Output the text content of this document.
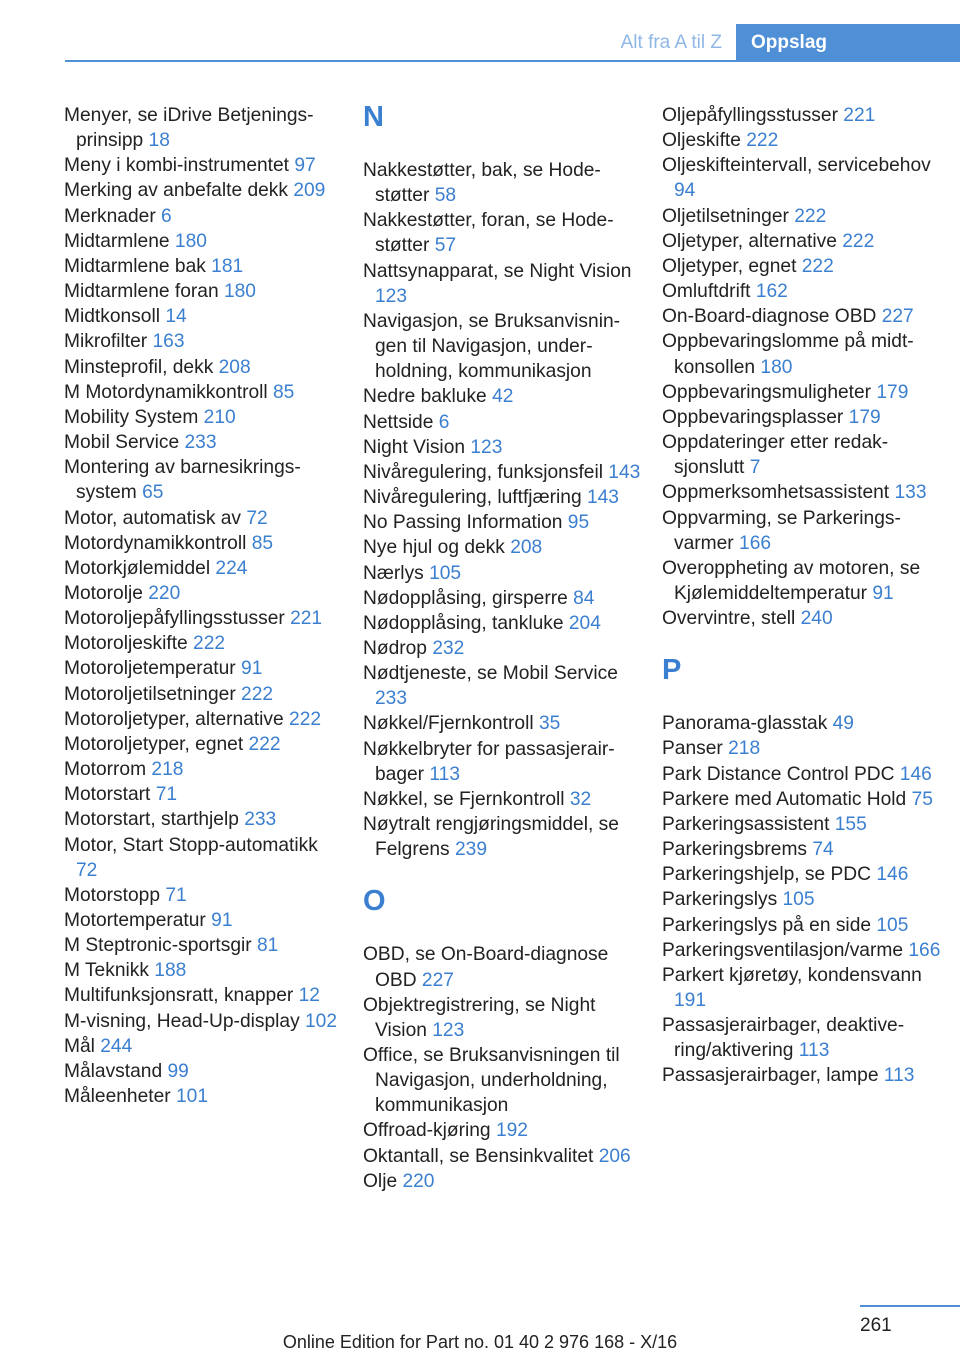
Alt fra A til Z	Oppslag
Menyer, se iDrive Betjeningsprinsipp 18
Meny i kombi-instrumentet 97
Merking av anbefalte dekk 209
Merknader 6
Midtarmlene 180
Midtarmlene bak 181
Midtarmlene foran 180
Midtkonsoll 14
Mikrofilter 163
Minsteprofil, dekk 208
M Motordynamikkontroll 85
Mobility System 210
Mobil Service 233
Montering av barnesikringssystem 65
Motor, automatisk av 72
Motordynamikkontroll 85
Motorkjølemiddel 224
Motorolje 220
Motoroljepåfyllingsstusser 221
Motoroljeskifte 222
Motoroljetemperatur 91
Motoroljetilsetninger 222
Motoroljetyper, alternative 222
Motoroljetyper, egnet 222
Motorrom 218
Motorstart 71
Motorstart, starthjelp 233
Motor, Start Stopp-automatikk 72
Motorstopp 71
Motortemperatur 91
M Steptronic-sportsgir 81
M Teknikk 188
Multifunksjonsratt, knapper 12
M-visning, Head-Up-display 102
Mål 244
Målavstand 99
Måleenheter 101
N
Nakkestøtter, bak, se Hodestøtter 58
Nakkestøtter, foran, se Hodestøtter 57
Nattsynapparat, se Night Vision 123
Navigasjon, se Bruksanvisningen til Navigasjon, underholdning, kommunikasjon
Nedre bakluke 42
Nettside 6
Night Vision 123
Nivåregulering, funksjonsfeil 143
Nivåregulering, luftfjæring 143
No Passing Information 95
Nye hjul og dekk 208
Nærlys 105
Nødopplåsing, girsperre 84
Nødopplåsing, tankluke 204
Nødrop 232
Nødtjeneste, se Mobil Service 233
Nøkkel/Fjernkontroll 35
Nøkkelbryter for passasjerairbager 113
Nøkkel, se Fjernkontroll 32
Nøytralt rengjøringsmiddel, se Felgrens 239
O
OBD, se On-Board-diagnose OBD 227
Objektregistrering, se Night Vision 123
Office, se Bruksanvisningen til Navigasjon, underholdning, kommunikasjon
Offroad-kjøring 192
Oktantall, se Bensinkvalitet 206
Olje 220
Oljepåfyllingsstusser 221
Oljeskifte 222
Oljeskifteintervall, servicebehov 94
Oljetilsetninger 222
Oljetyper, alternative 222
Oljetyper, egnet 222
Omluftdrift 162
On-Board-diagnose OBD 227
Oppbevaringslomme på midtkonsollen 180
Oppbevaringsmuligheter 179
Oppbevaringsplasser 179
Oppdateringer etter redaksjonslutt 7
Oppmerksomhetsassistent 133
Oppvarming, se Parkeringsvarmer 166
Overoppheting av motoren, se Kjølemiddeltemperatur 91
Overvintre, stell 240
P
Panorama-glasstak 49
Panser 218
Park Distance Control PDC 146
Parkere med Automatic Hold 75
Parkeringsassistent 155
Parkeringsbrems 74
Parkeringshjelp, se PDC 146
Parkeringslys 105
Parkeringslys på en side 105
Parkeringsventilasjon/varme 166
Parkert kjøretøy, kondensvann 191
Passasjerairbager, deaktivering/aktivering 113
Passasjerairbager, lampe 113
261
Online Edition for Part no. 01 40 2 976 168 - X/16
